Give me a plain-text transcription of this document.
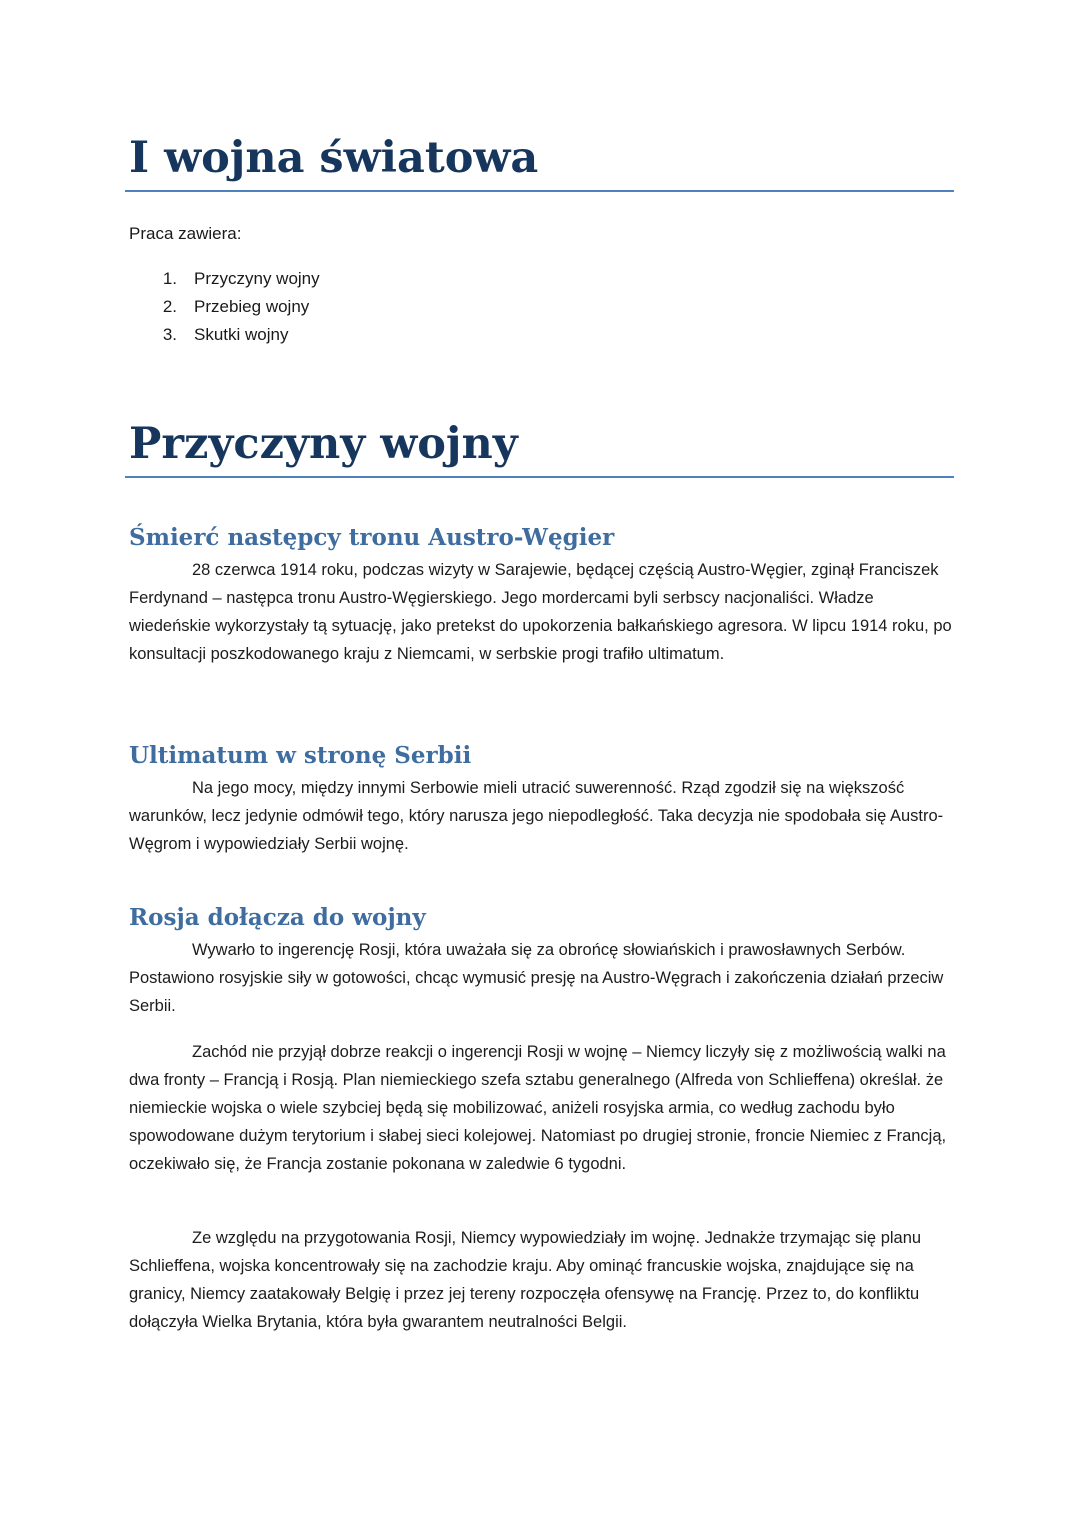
I wojna światowa
Praca zawiera:
1. Przyczyny wojny
2. Przebieg wojny
3. Skutki wojny
Przyczyny wojny
Śmierć następcy tronu Austro-Węgier

28 czerwca 1914 roku, podczas wizyty w Sarajewie, będącej częścią Austro-Węgier, zginął Franciszek Ferdynand – następca tronu Austro-Węgierskiego. Jego mordercami byli serbscy nacjonaliści. Władze wiedeńskie wykorzystały tą sytuację, jako pretekst do upokorzenia bałkańskiego agresora. W lipcu 1914 roku, po konsultacji poszkodowanego kraju z Niemcami, w serbskie progi trafiło ultimatum.

Ultimatum w stronę Serbii

Na jego mocy, między innymi Serbowie mieli utracić suwerenność. Rząd zgodził się na większość warunków, lecz jedynie odmówił tego, który narusza jego niepodległość. Taka decyzja nie spodobała się Austro-Węgrom i wypowiedziały Serbii wojnę.

Rosja dołącza do wojny

Wywarło to ingerencję Rosji, która uważała się za obrońcę słowiańskich i prawosławnych Serbów. Postawiono rosyjskie siły w gotowości, chcąc wymusić presję na Austro-Węgrach i zakończenia działań przeciw Serbii.

Zachód nie przyjął dobrze reakcji o ingerencji Rosji w wojnę – Niemcy liczyły się z możliwością walki na dwa fronty – Francją i Rosją. Plan niemieckiego szefa sztabu generalnego (Alfreda von Schlieffena) określał. że niemieckie wojska o wiele szybciej będą się mobilizować, aniżeli rosyjska armia, co według zachodu było spowodowane dużym terytorium i słabej sieci kolejowej. Natomiast po drugiej stronie, froncie Niemiec z Francją, oczekiwało się, że Francja zostanie pokonana w zaledwie 6 tygodni.

Ze względu na przygotowania Rosji, Niemcy wypowiedziały im wojnę. Jednakże trzymając się planu Schlieffena, wojska koncentrowały się na zachodzie kraju. Aby ominąć francuskie wojska, znajdujące się na granicy, Niemcy zaatakowały Belgię i przez jej tereny rozpoczęła ofensywę na Francję. Przez to, do konfliktu dołączyła Wielka Brytania, która była gwarantem neutralności Belgii.
